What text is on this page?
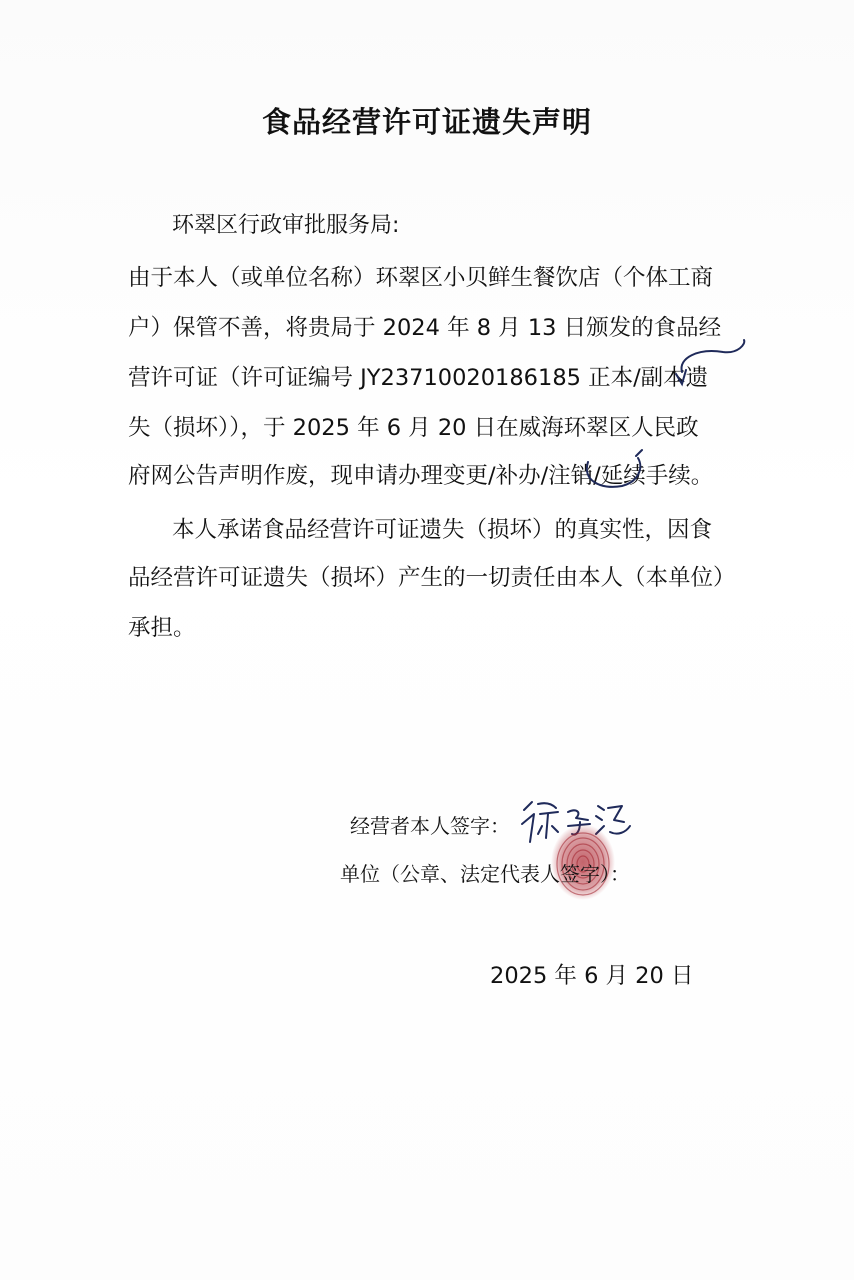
食品经营许可证遗失声明
环翠区行政审批服务局:
由于本人（或单位名称）环翠区小贝鲜生餐饮店（个体工商
户）保管不善，将贵局于 2024 年 8 月 13 日颁发的食品经
营许可证（许可证编号 JY23710020186185 正本/副本遗
失（损坏）），于 2025 年 6 月 20 日在威海环翠区人民政
府网公告声明作废，现申请办理变更/补办/注销/延续手续。
本人承诺食品经营许可证遗失（损坏）的真实性，因食
品经营许可证遗失（损坏）产生的一切责任由本人（本单位）
承担。
经营者本人签字：
单位（公章、法定代表人签字）：
2025 年 6 月 20 日
